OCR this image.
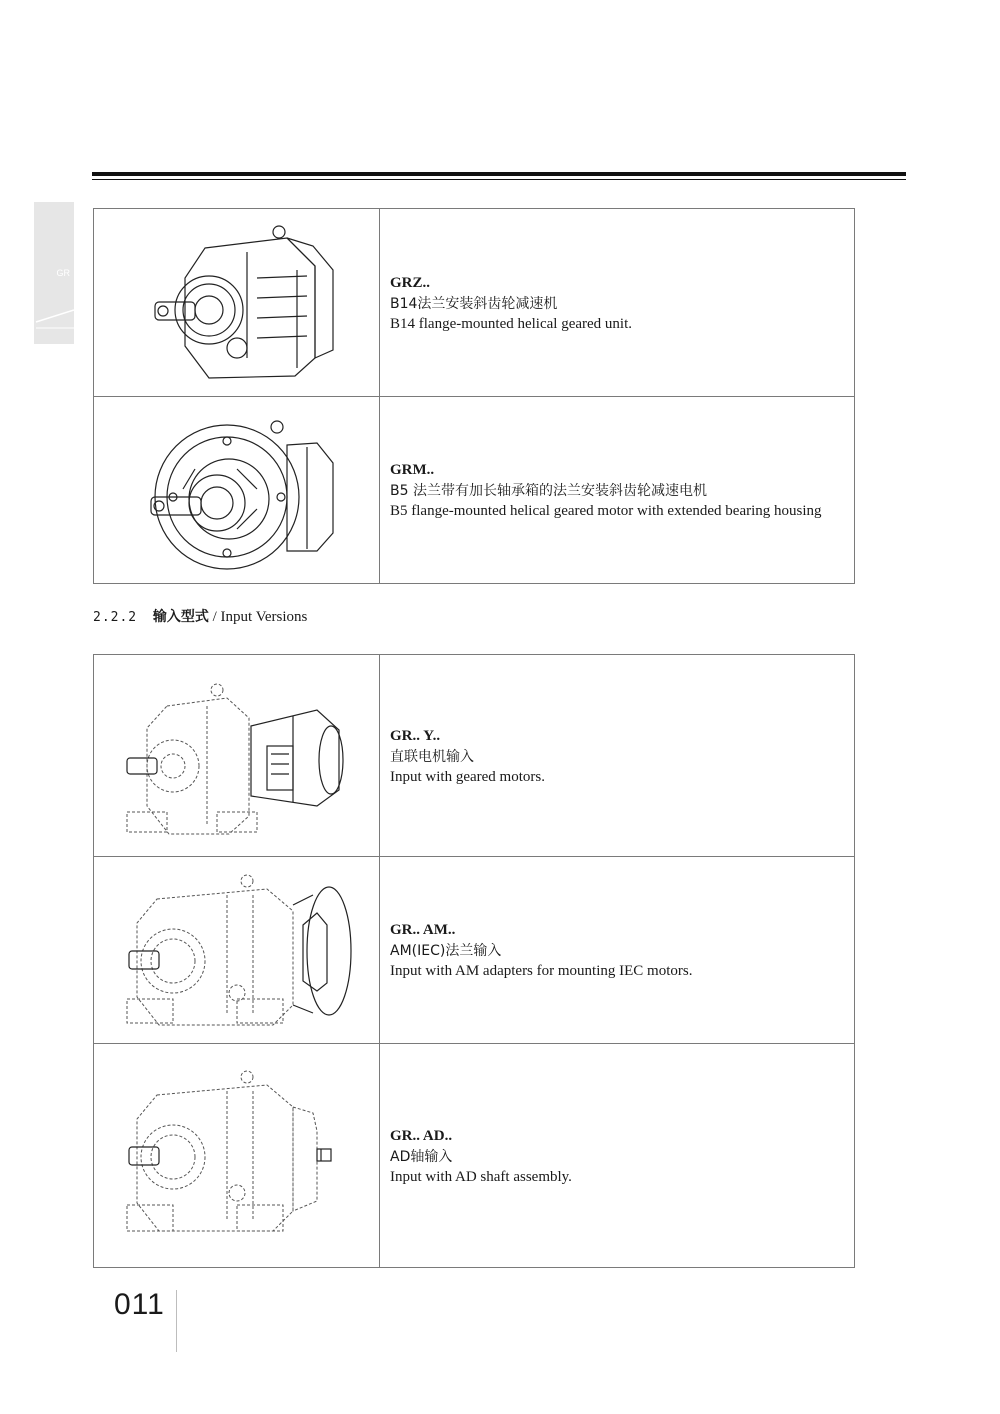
GR

GRZ..
B14法兰安装斜齿轮减速机
B14 flange-mounted helical geared unit.

GRM..
B5 法兰带有加长轴承箱的法兰安装斜齿轮减速电机
B5 flange-mounted helical geared motor with extended bearing housing
2.2.2 输入型式 / Input Versions

GR.. Y..
直联电机输入
Input with geared motors.

GR.. AM..
AM(IEC)法兰输入
Input with AM adapters for mounting IEC motors.

GR.. AD..
AD轴输入
Input with AD shaft assembly.
011
